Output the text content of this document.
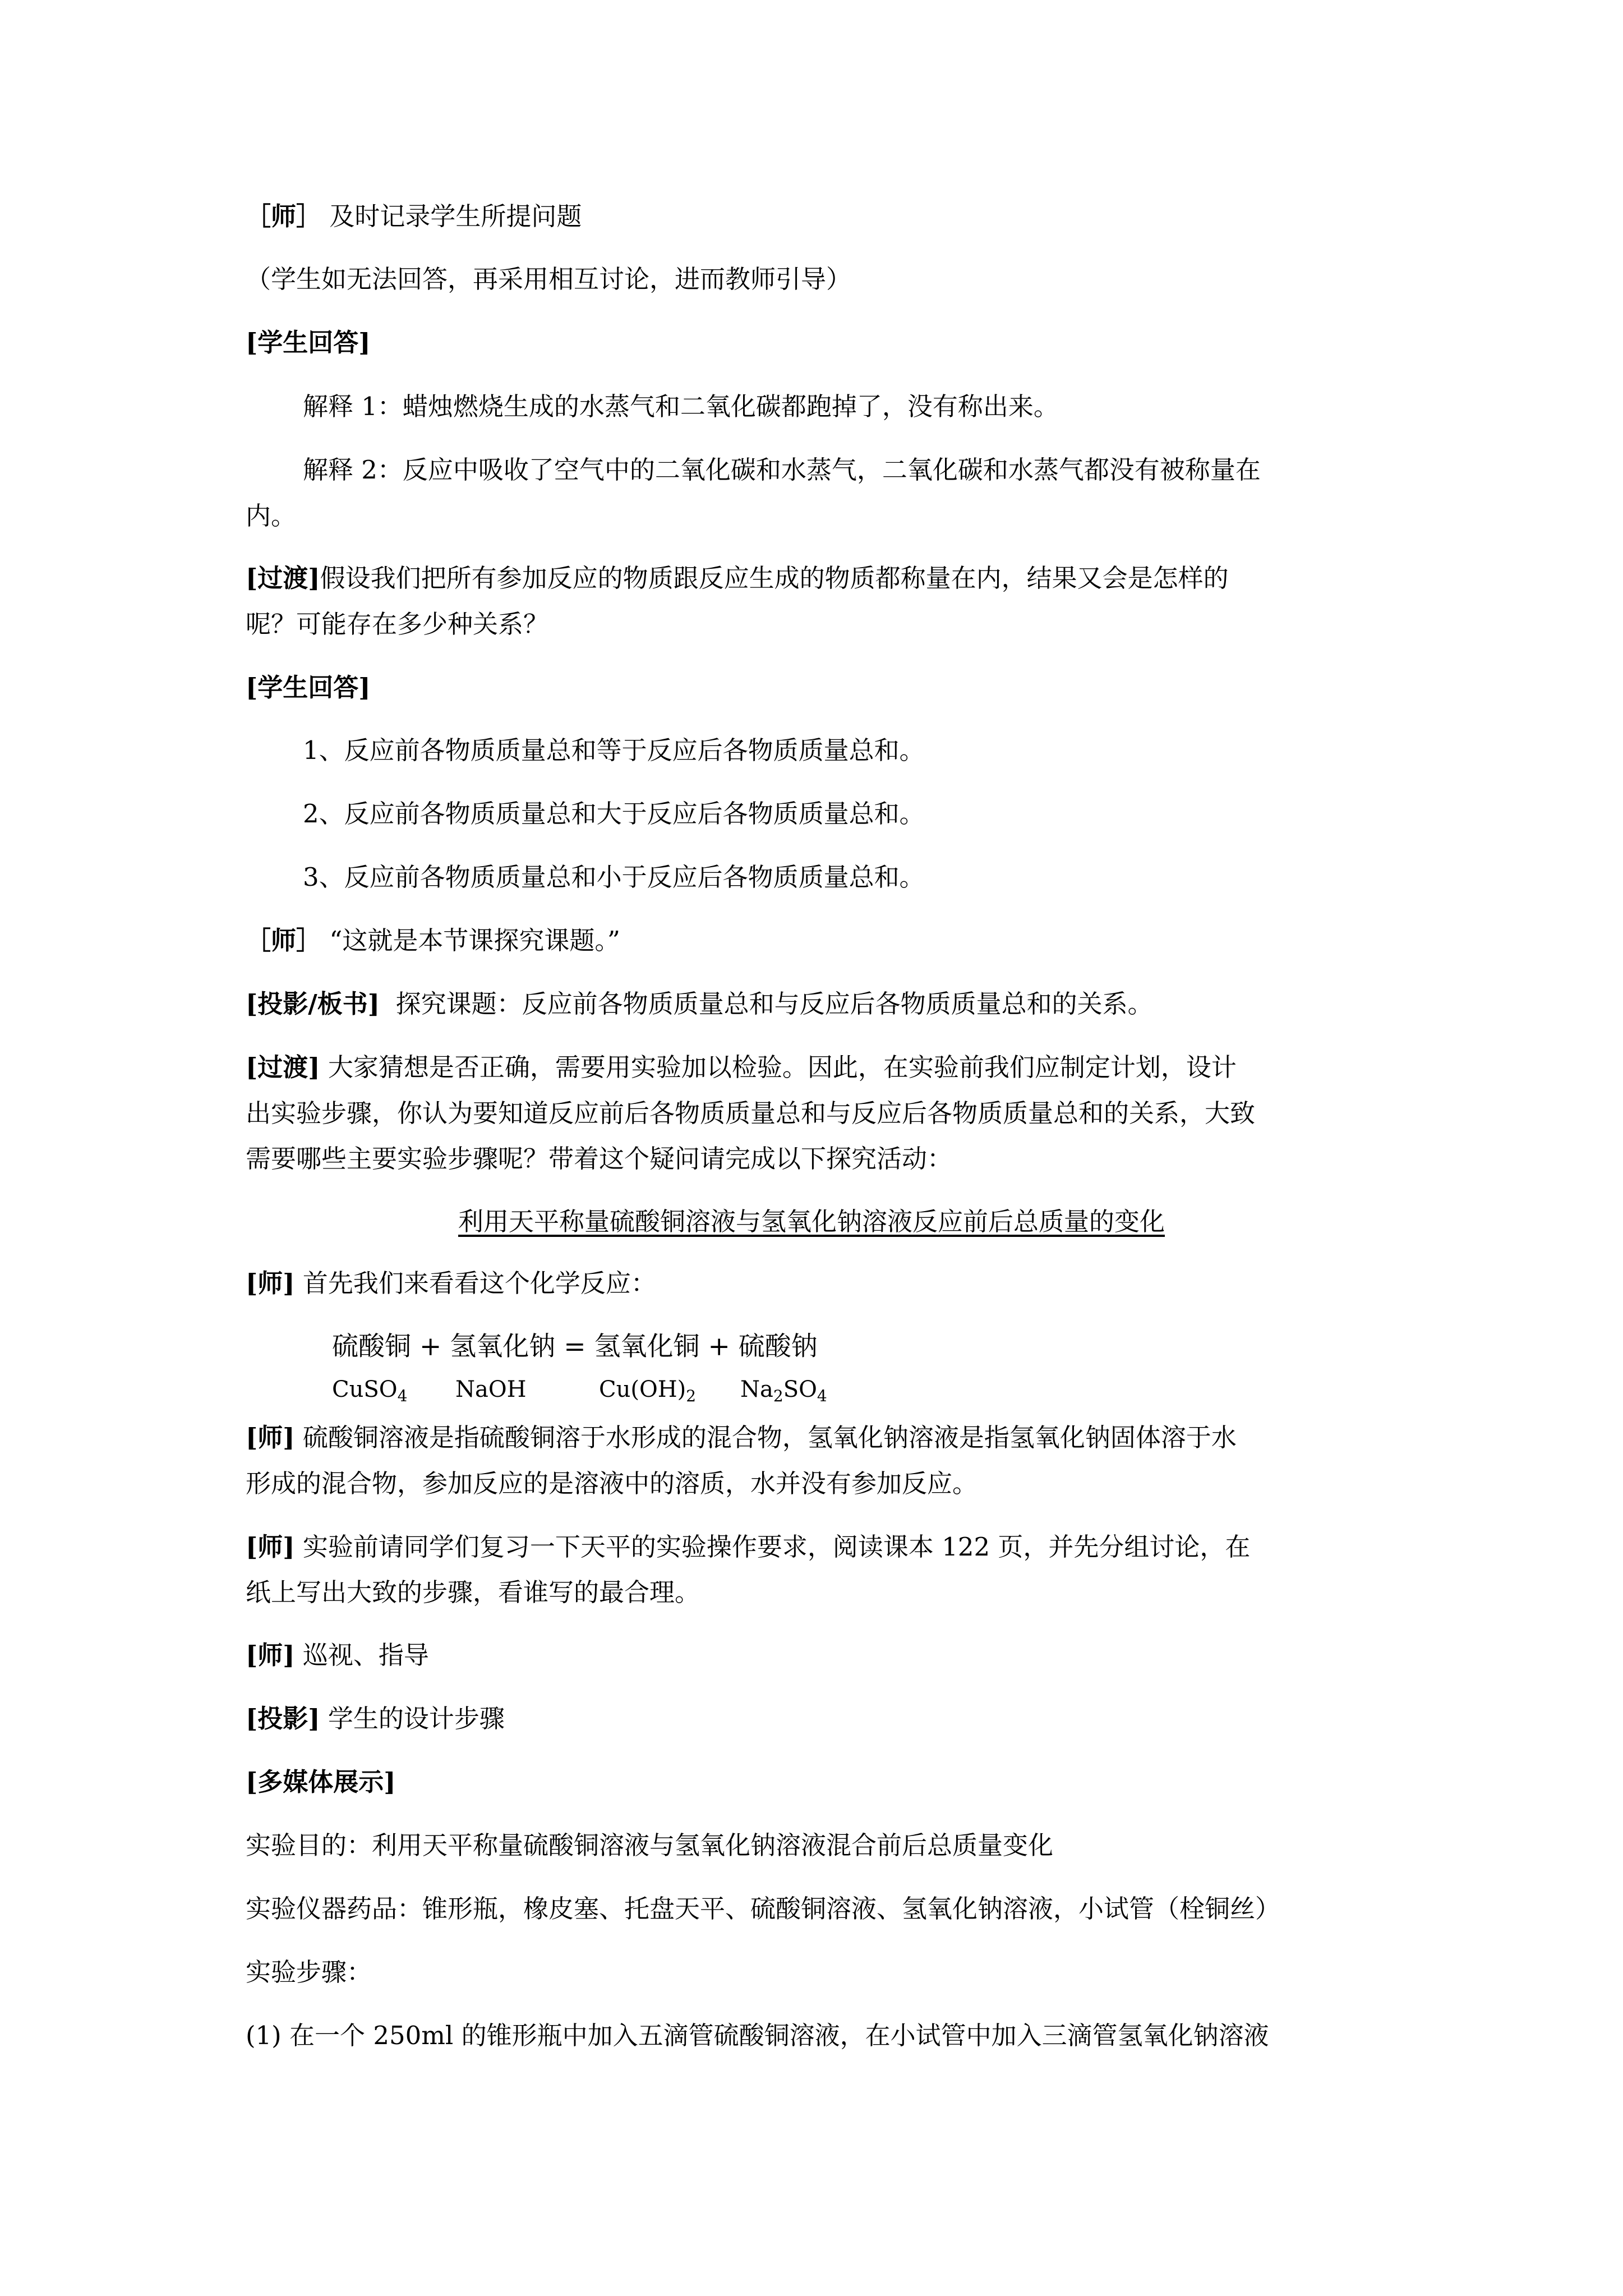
［师］ 及时记录学生所提问题
（学生如无法回答，再采用相互讨论，进而教师引导）
[学生回答]
解释 1：蜡烛燃烧生成的水蒸气和二氧化碳都跑掉了，没有称出来。
解释 2：反应中吸收了空气中的二氧化碳和水蒸气，二氧化碳和水蒸气都没有被称量在
内。
[过渡]假设我们把所有参加反应的物质跟反应生成的物质都称量在内，结果又会是怎样的
呢？可能存在多少种关系？
[学生回答]
1、反应前各物质质量总和等于反应后各物质质量总和。
2、反应前各物质质量总和大于反应后各物质质量总和。
3、反应前各物质质量总和小于反应后各物质质量总和。
［师］ “这就是本节课探究课题。”
[投影/板书] 探究课题：反应前各物质质量总和与反应后各物质质量总和的关系。
[过渡] 大家猜想是否正确，需要用实验加以检验。因此，在实验前我们应制定计划，设计
出实验步骤，你认为要知道反应前后各物质质量总和与反应后各物质质量总和的关系，大致
需要哪些主要实验步骤呢？带着这个疑问请完成以下探究活动：
利用天平称量硫酸铜溶液与氢氧化钠溶液反应前后总质量的变化
[师] 首先我们来看看这个化学反应：
硫酸铜 + 氢氧化钠 = 氢氧化铜 + 硫酸钠
CuSO$_4$ NaOH	$Cu(OH)_2$ $Na_2SO_4$
[师] 硫酸铜溶液是指硫酸铜溶于水形成的混合物，氢氧化钠溶液是指氢氧化钠固体溶于水
形成的混合物，参加反应的是溶液中的溶质，水并没有参加反应。
[师] 实验前请同学们复习一下天平的实验操作要求，阅读课本 122 页，并先分组讨论，在
纸上写出大致的步骤，看谁写的最合理。
[师] 巡视、指导
[投影] 学生的设计步骤
[多媒体展示]
实验目的：利用天平称量硫酸铜溶液与氢氧化钠溶液混合前后总质量变化
实验仪器药品：锥形瓶，橡皮塞、托盘天平、硫酸铜溶液、氢氧化钠溶液，小试管（栓铜丝）
实验步骤：
(1) 在一个 250ml 的锥形瓶中加入五滴管硫酸铜溶液，在小试管中加入三滴管氢氧化钠溶液
